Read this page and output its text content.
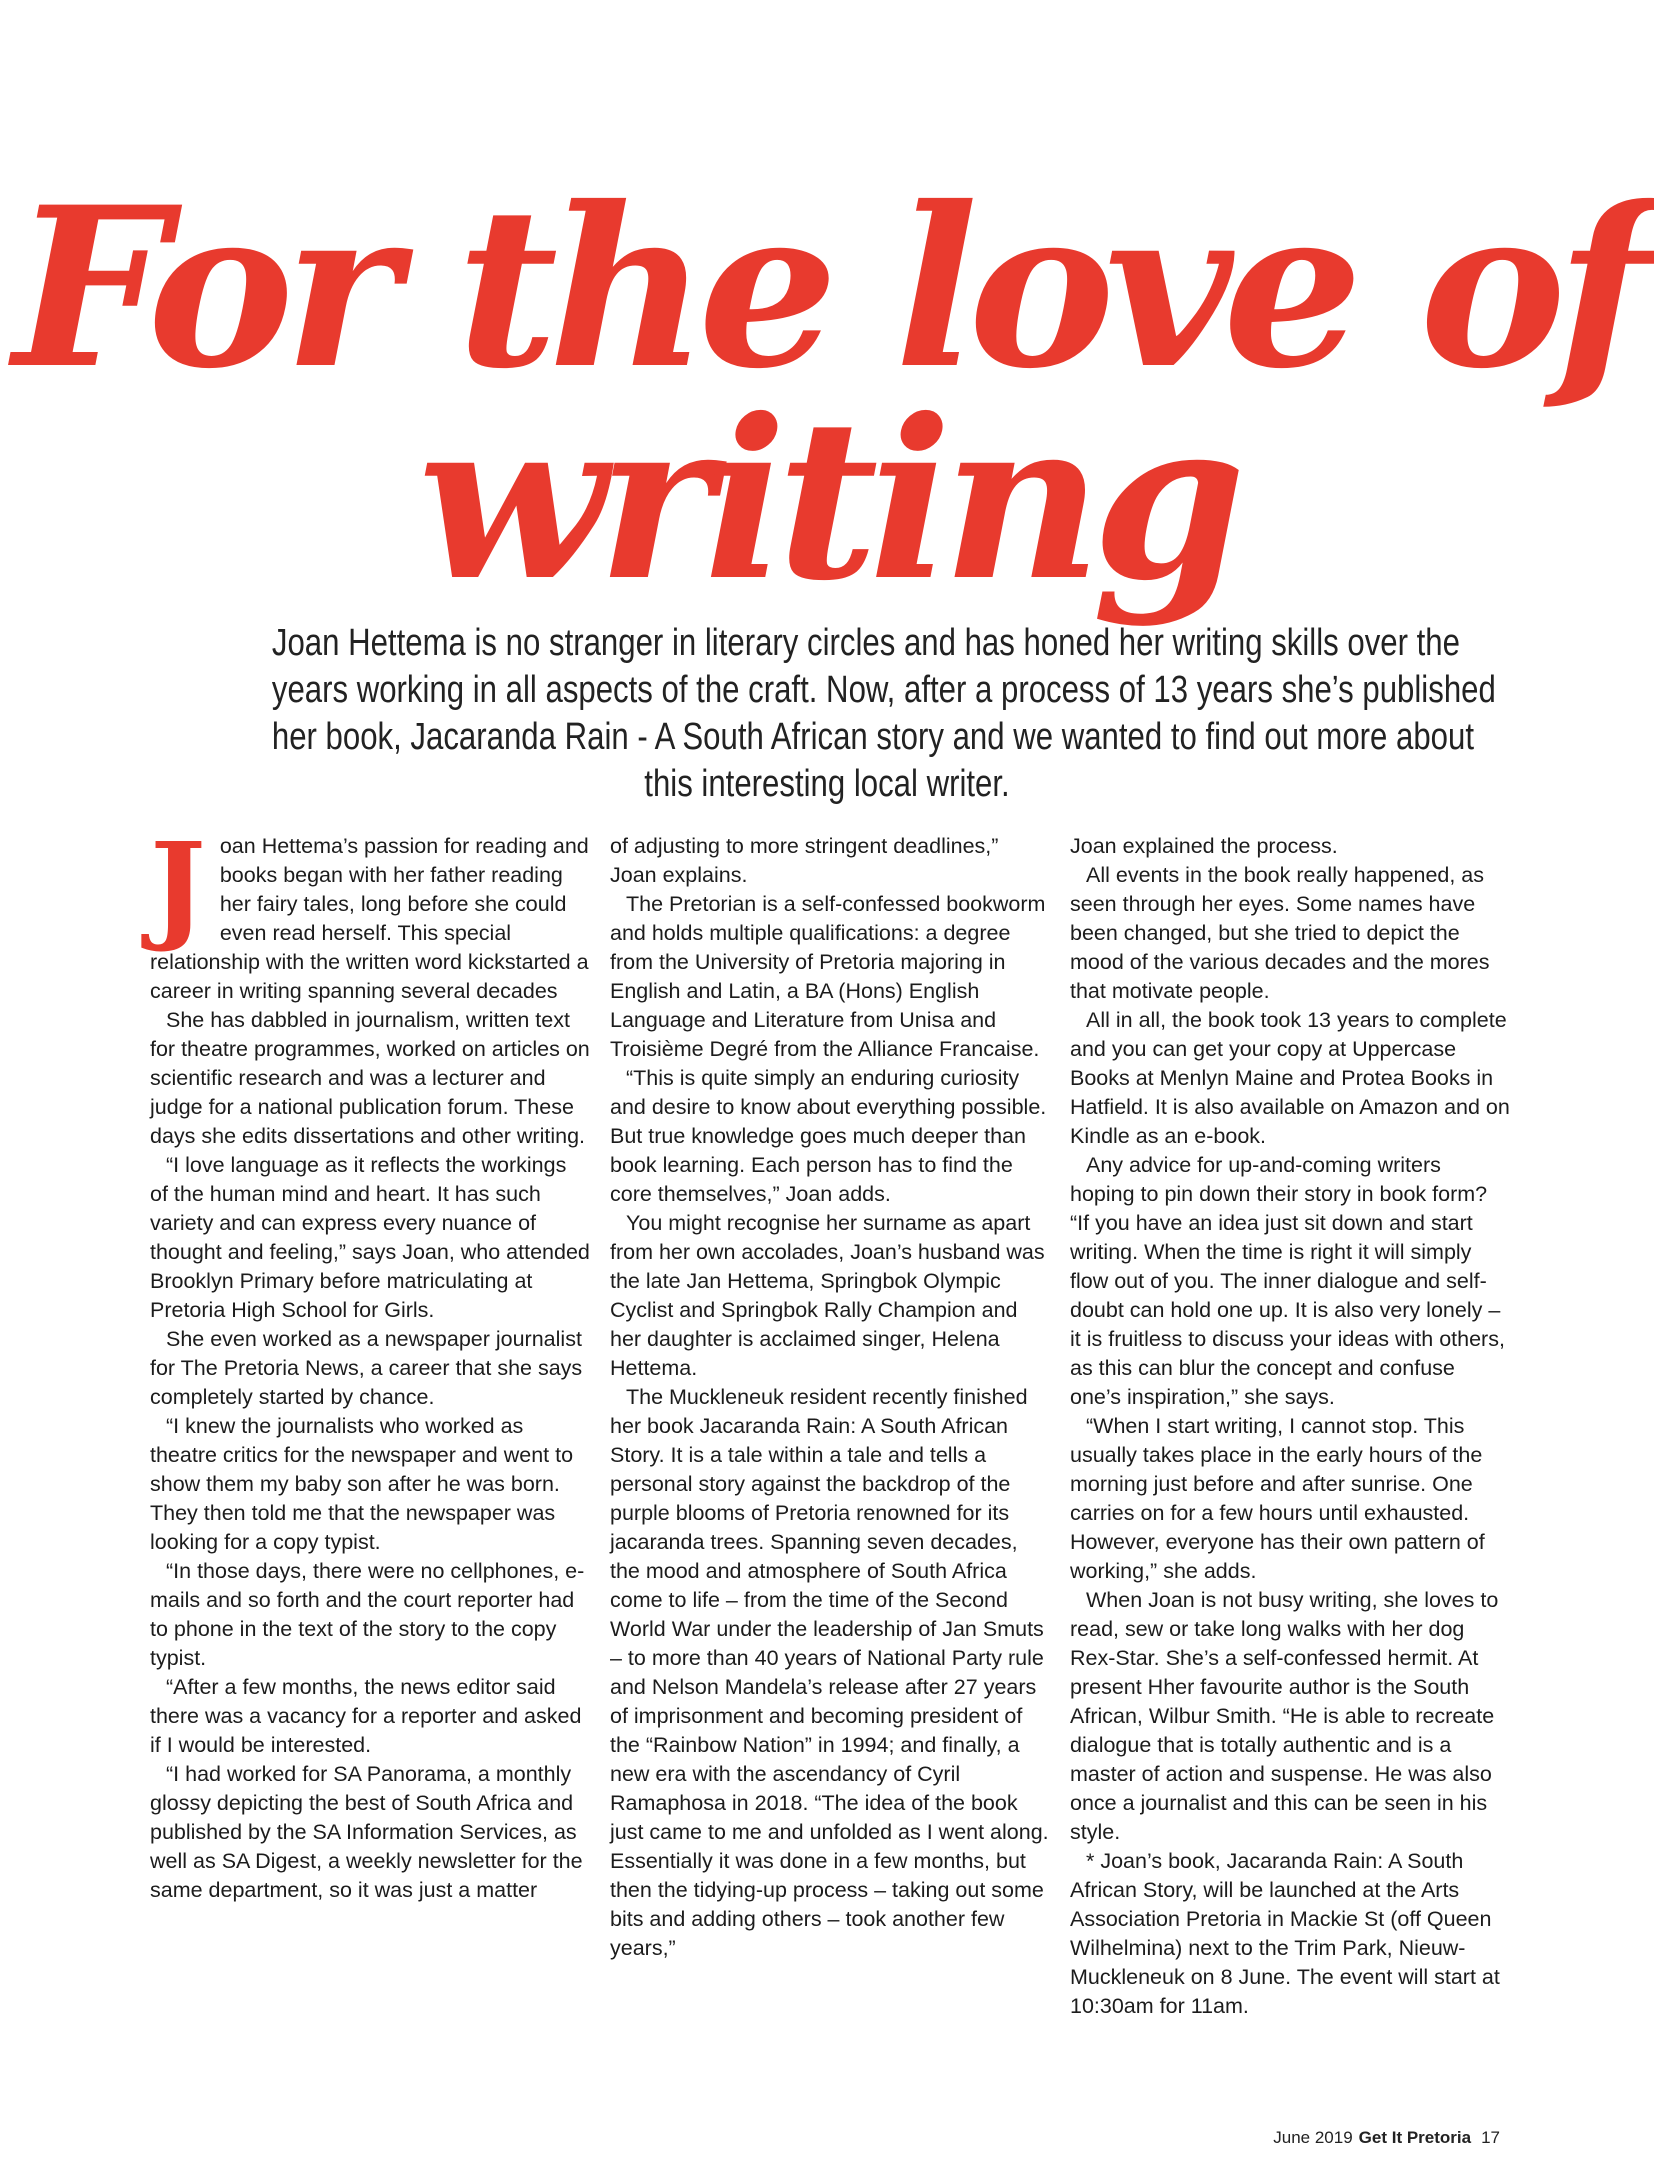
For the love of
writing

Joan Hettema is no stranger in literary circles and has honed her writing skills over the
years working in all aspects of the craft. Now, after a process of 13 years she’s published
her book, Jacaranda Rain - A South African story and we wanted to find out more about
this interesting local writer.

J oan Hettema’s passion for reading and books began with her father reading her fairy tales, long before she could even read herself. This special relationship with the written word kickstarted a career in writing spanning several decades

She has dabbled in journalism, written text for theatre programmes, worked on articles on scientific research and was a lecturer and judge for a national publication forum. These days she edits dissertations and other writing.

“I love language as it reflects the workings of the human mind and heart. It has such variety and can express every nuance of thought and feeling,” says Joan, who attended Brooklyn Primary before matriculating at Pretoria High School for Girls.

She even worked as a newspaper journalist for The Pretoria News, a career that she says completely started by chance.

“I knew the journalists who worked as theatre critics for the newspaper and went to show them my baby son after he was born. They then told me that the newspaper was looking for a copy typist.

“In those days, there were no cellphones, e-mails and so forth and the court reporter had to phone in the text of the story to the copy typist.

“After a few months, the news editor said there was a vacancy for a reporter and asked if I would be interested.

“I had worked for SA Panorama, a monthly glossy depicting the best of South Africa and published by the SA Information Services, as well as SA Digest, a weekly newsletter for the same department, so it was just a matter

of adjusting to more stringent deadlines,” Joan explains.

The Pretorian is a self-confessed bookworm and holds multiple qualifications: a degree from the University of Pretoria majoring in English and Latin, a BA (Hons) English Language and Literature from Unisa and Troisième Degré from the Alliance Francaise.

“This is quite simply an enduring curiosity and desire to know about everything possible. But true knowledge goes much deeper than book learning. Each person has to find the core themselves,” Joan adds.

You might recognise her surname as apart from her own accolades, Joan’s husband was the late Jan Hettema, Springbok Olympic Cyclist and Springbok Rally Champion and her daughter is acclaimed singer, Helena Hettema.

The Muckleneuk resident recently finished her book Jacaranda Rain: A South African Story. It is a tale within a tale and tells a personal story against the backdrop of the purple blooms of Pretoria renowned for its jacaranda trees. Spanning seven decades, the mood and atmosphere of South Africa come to life – from the time of the Second World War under the leadership of Jan Smuts – to more than 40 years of National Party rule and Nelson Mandela’s release after 27 years of imprisonment and becoming president of the “Rainbow Nation” in 1994; and finally, a new era with the ascendancy of Cyril Ramaphosa in 2018. “The idea of the book just came to me and unfolded as I went along. Essentially it was done in a few months, but then the tidying-up process – taking out some bits and adding others – took another few years,”

Joan explained the process.

All events in the book really happened, as seen through her eyes. Some names have been changed, but she tried to depict the mood of the various decades and the mores that motivate people.

All in all, the book took 13 years to complete and you can get your copy at Uppercase Books at Menlyn Maine and Protea Books in Hatfield. It is also available on Amazon and on Kindle as an e-book.

Any advice for up-and-coming writers hoping to pin down their story in book form? “If you have an idea just sit down and start writing. When the time is right it will simply flow out of you. The inner dialogue and self-doubt can hold one up. It is also very lonely – it is fruitless to discuss your ideas with others, as this can blur the concept and confuse one’s inspiration,” she says.

“When I start writing, I cannot stop. This usually takes place in the early hours of the morning just before and after sunrise. One carries on for a few hours until exhausted. However, everyone has their own pattern of working,” she adds.

When Joan is not busy writing, she loves to read, sew or take long walks with her dog Rex-Star. She’s a self-confessed hermit. At present Hher favourite author is the South African, Wilbur Smith. “He is able to recreate dialogue that is totally authentic and is a master of action and suspense. He was also once a journalist and this can be seen in his style.

* Joan’s book, Jacaranda Rain: A South African Story, will be launched at the Arts Association Pretoria in Mackie St (off Queen Wilhelmina) next to the Trim Park, Nieuw-Muckleneuk on 8 June. The event will start at 10:30am for 11am.

June 2019 Get It Pretoria 17
